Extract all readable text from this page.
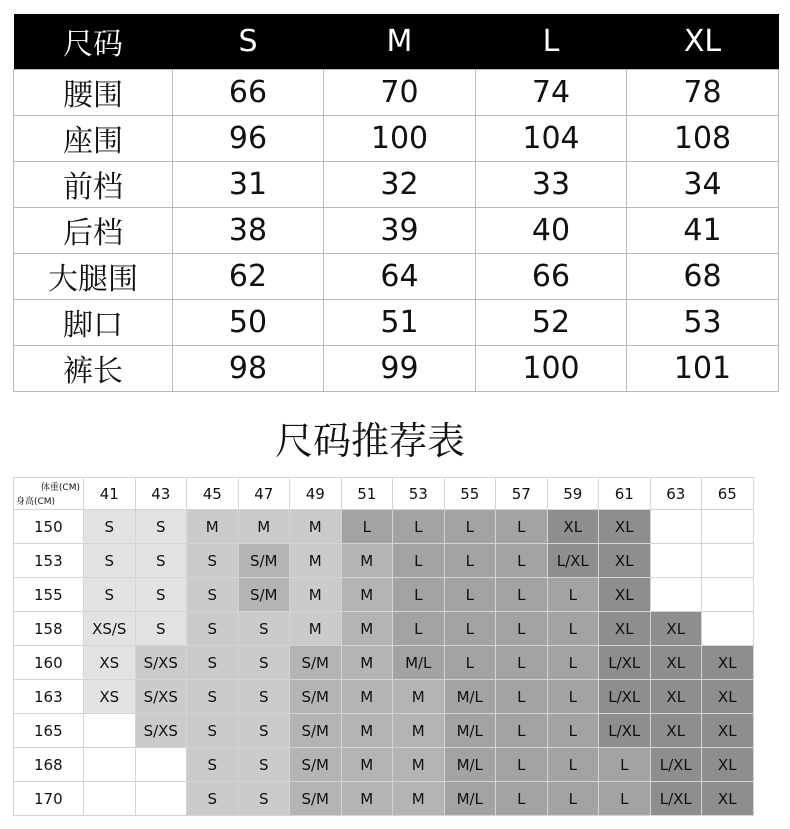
尺码	S	M	L	XL
腰围	66	70	74	78
座围	96	100	104	108
前档	31	32	33	34
后档	38	39	40	41
大腿围	62	64	66	68
脚口	50	51	52	53
裤长	98	99	100	101
尺码推荐表
体重(CM)
身高(CM)	41	43	45	47	49	51	53	55	57	59	61	63	65
150	S	S	M	M	M	L	L	L	L	XL	XL		
153	S	S	S	S/M	M	M	L	L	L	L/XL	XL		
155	S	S	S	S/M	M	M	L	L	L	L	XL		
158	XS/S	S	S	S	M	M	L	L	L	L	XL	XL	
160	XS	S/XS	S	S	S/M	M	M/L	L	L	L	L/XL	XL	XL
163	XS	S/XS	S	S	S/M	M	M	M/L	L	L	L/XL	XL	XL
165		S/XS	S	S	S/M	M	M	M/L	L	L	L/XL	XL	XL
168			S	S	S/M	M	M	M/L	L	L	L	L/XL	XL
170			S	S	S/M	M	M	M/L	L	L	L	L/XL	XL
